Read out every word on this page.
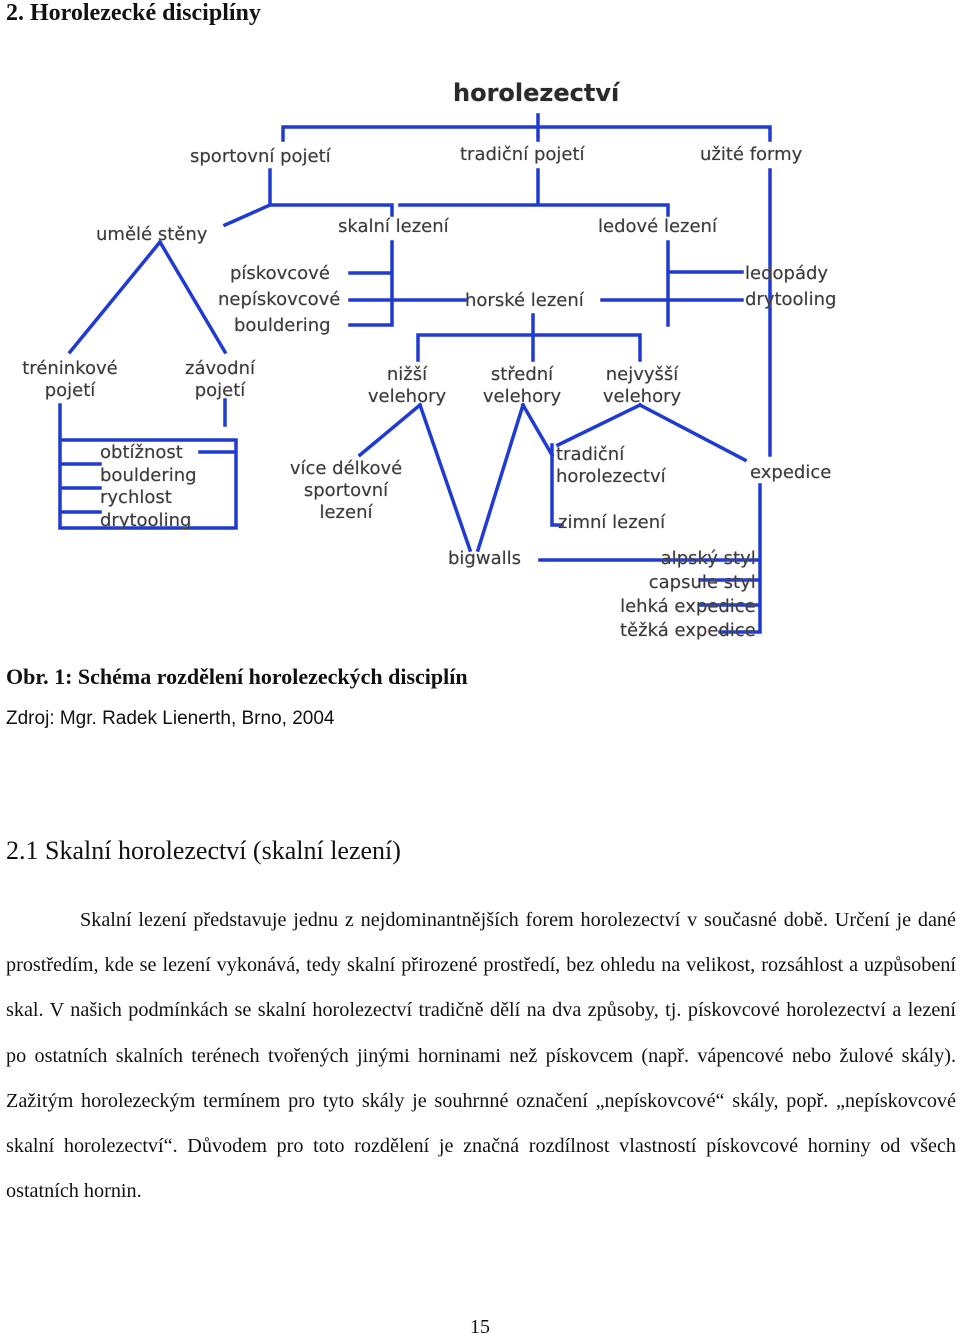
2. Horolezecké disciplíny
horolezectví
sportovní pojetí	tradiční pojetí	užité formy
umělé stěny	skalní lezení	ledové lezení
pískovcové
nepískovcové
bouldering
horské lezení
ledopády
drytooling
tréninkové
pojetí
závodní
pojetí
nižší
velehory
střední
velehory
nejvyšší
velehory
obtížnost
bouldering
rychlost
drytooling
více délkové
sportovní
lezení
tradiční
horolezectví
zimní lezení
expedice
bigwalls	alpský styl
capsule styl
lehká expedice
těžká expedice
Obr. 1: Schéma rozdělení horolezeckých disciplín
Zdroj: Mgr. Radek Lienerth, Brno, 2004
2.1 Skalní horolezectví (skalní lezení)

Skalní lezení představuje jednu z nejdominantnějších forem horolezectví v současné době. Určení je dané prostředím, kde se lezení vykonává, tedy skalní přirozené prostředí, bez ohledu na velikost, rozsáhlost a uzpůsobení skal. V našich podmínkách se skalní horolezectví tradičně dělí na dva způsoby, tj. pískovcové horolezectví a lezení po ostatních skalních terénech tvořených jinými horninami než pískovcem (např. vápencové nebo žulové skály). Zažitým horolezeckým termínem pro tyto skály je souhrnné označení „nepískovcové“ skály, popř. „nepískovcové skalní horolezectví“. Důvodem pro toto rozdělení je značná rozdílnost vlastností pískovcové horniny od všech ostatních hornin.

15
